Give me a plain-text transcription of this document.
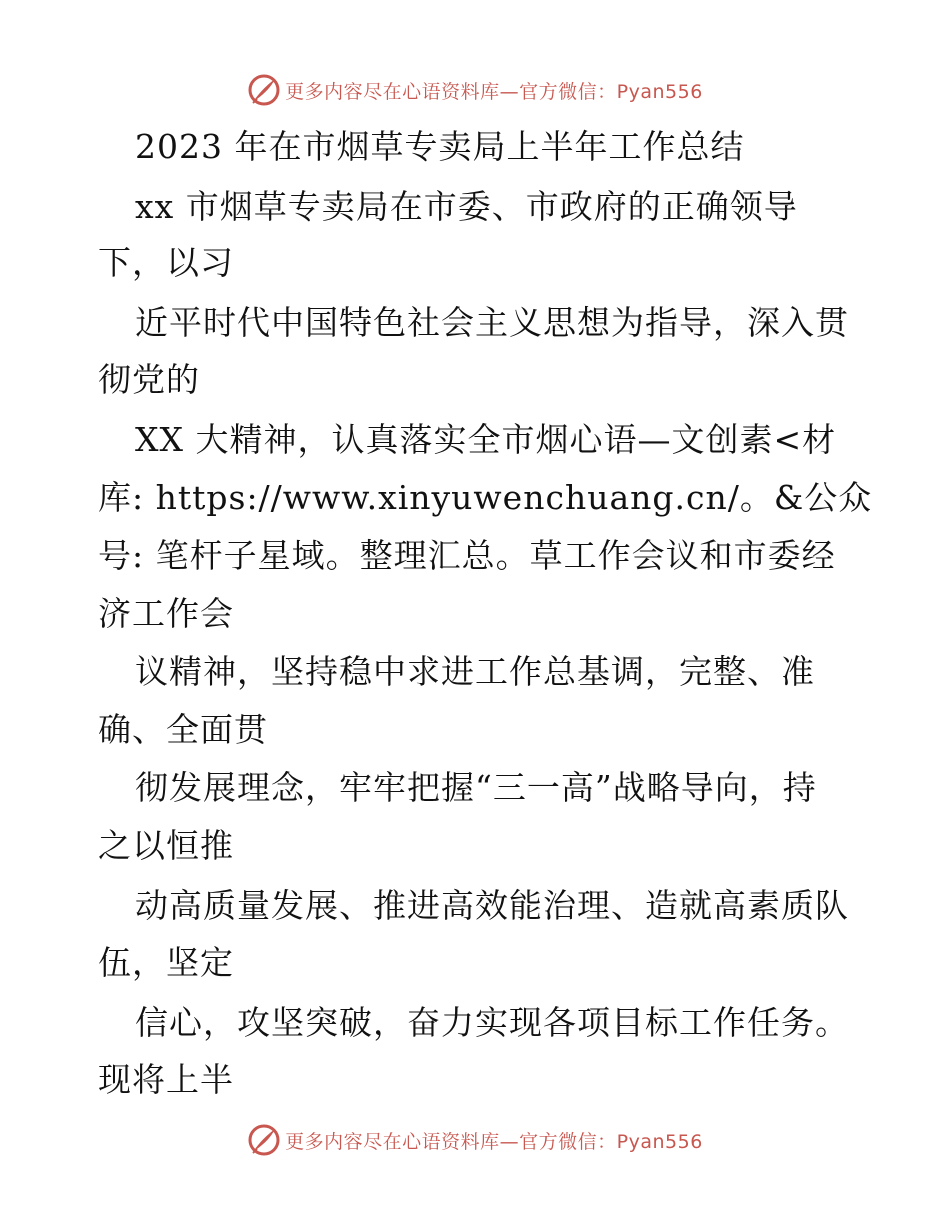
更多内容尽在心语资料库—官方微信：Pyan556
2023 年在市烟草专卖局上半年工作总结
xx 市烟草专卖局在市委、市政府的正确领导
下，以习
近平时代中国特色社会主义思想为指导，深入贯
彻党的
XX 大精神，认真落实全市烟心语—文创素<材
库: https://www.xinyuwenchuang.cn/。&公众
号: 笔杆子星域。整理汇总。草工作会议和市委经
济工作会
议精神，坚持稳中求进工作总基调，完整、准
确、全面贯
彻发展理念，牢牢把握“三一高”战略导向，持
之以恒推
动高质量发展、推进高效能治理、造就高素质队
伍，坚定
信心，攻坚突破，奋力实现各项目标工作任务。
现将上半
更多内容尽在心语资料库—官方微信：Pyan556
